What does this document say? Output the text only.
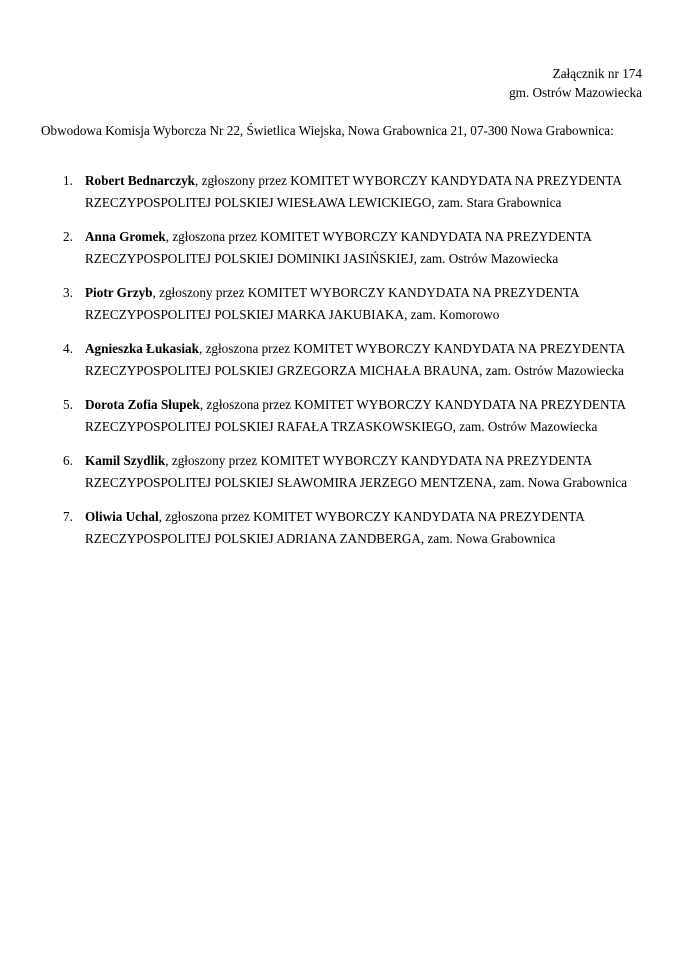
Załącznik nr 174
gm. Ostrów Mazowiecka
Obwodowa Komisja Wyborcza Nr 22, Świetlica Wiejska, Nowa Grabownica 21, 07-300 Nowa Grabownica:
1. Robert Bednarczyk, zgłoszony przez KOMITET WYBORCZY KANDYDATA NA PREZYDENTA RZECZYPOSPOLITEJ POLSKIEJ WIESŁAWA LEWICKIEGO, zam. Stara Grabownica
2. Anna Gromek, zgłoszona przez KOMITET WYBORCZY KANDYDATA NA PREZYDENTA RZECZYPOSPOLITEJ POLSKIEJ DOMINIKI JASIŃSKIEJ, zam. Ostrów Mazowiecka
3. Piotr Grzyb, zgłoszony przez KOMITET WYBORCZY KANDYDATA NA PREZYDENTA RZECZYPOSPOLITEJ POLSKIEJ MARKA JAKUBIAKA, zam. Komorowo
4. Agnieszka Łukasiak, zgłoszona przez KOMITET WYBORCZY KANDYDATA NA PREZYDENTA RZECZYPOSPOLITEJ POLSKIEJ GRZEGORZA MICHAŁA BRAUNA, zam. Ostrów Mazowiecka
5. Dorota Zofia Słupek, zgłoszona przez KOMITET WYBORCZY KANDYDATA NA PREZYDENTA RZECZYPOSPOLITEJ POLSKIEJ RAFAŁA TRZASKOWSKIEGO, zam. Ostrów Mazowiecka
6. Kamil Szydlik, zgłoszony przez KOMITET WYBORCZY KANDYDATA NA PREZYDENTA RZECZYPOSPOLITEJ POLSKIEJ SŁAWOMIRA JERZEGO MENTZENA, zam. Nowa Grabownica
7. Oliwia Uchal, zgłoszona przez KOMITET WYBORCZY KANDYDATA NA PREZYDENTA RZECZYPOSPOLITEJ POLSKIEJ ADRIANA ZANDBERGA, zam. Nowa Grabownica
